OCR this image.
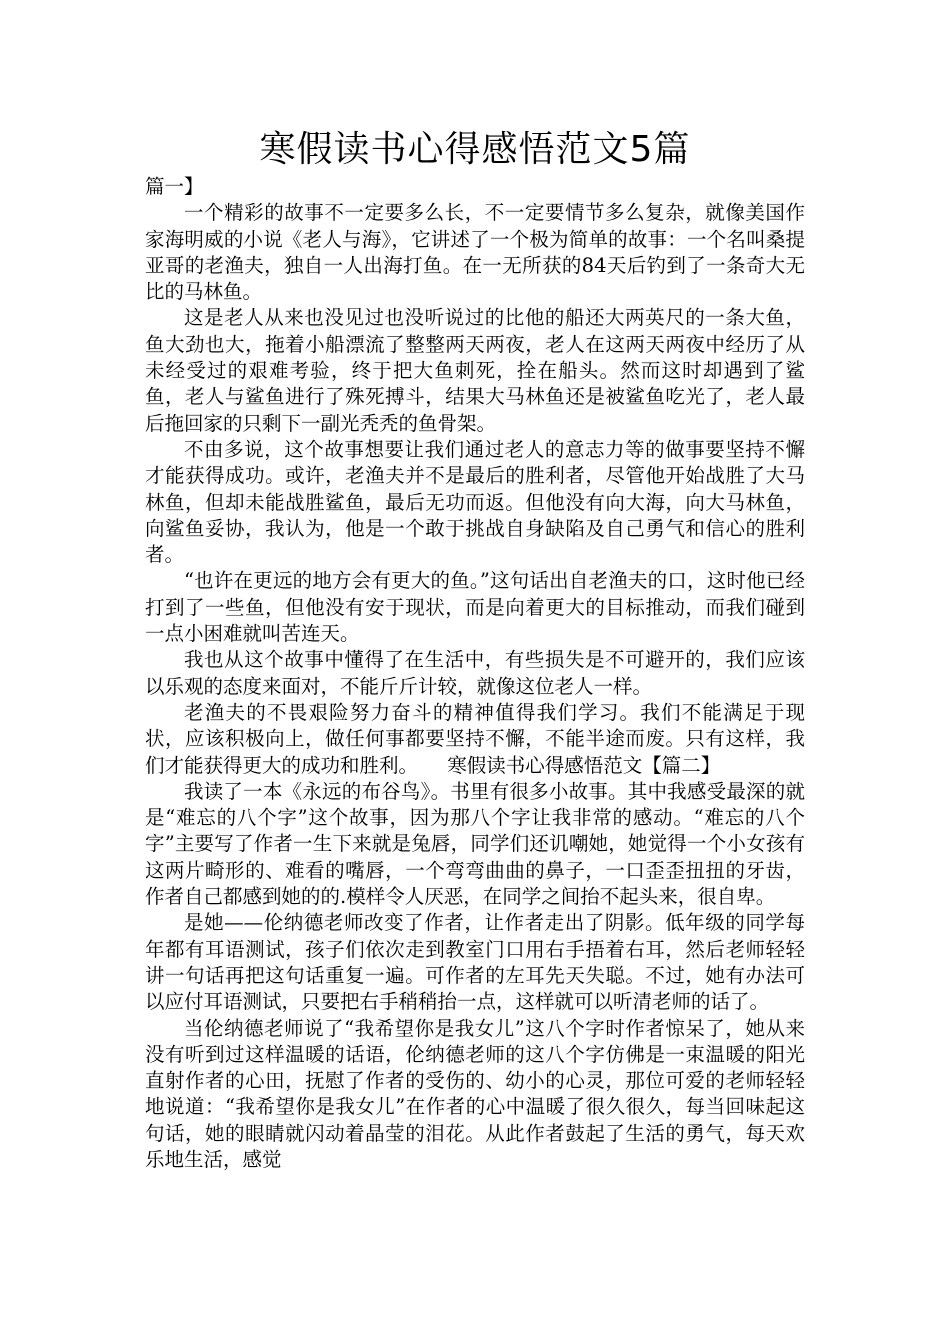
寒假读书心得感悟范文5篇

篇一】

一个精彩的故事不一定要多么长，不一定要情节多么复杂，就像美国作家海明威的小说《老人与海》，它讲述了一个极为简单的故事：一个名叫桑提亚哥的老渔夫，独自一人出海打鱼。在一无所获的84天后钓到了一条奇大无比的马林鱼。

这是老人从来也没见过也没听说过的比他的船还大两英尺的一条大鱼，鱼大劲也大，拖着小船漂流了整整两天两夜，老人在这两天两夜中经历了从未经受过的艰难考验，终于把大鱼刺死，拴在船头。然而这时却遇到了鲨鱼，老人与鲨鱼进行了殊死搏斗，结果大马林鱼还是被鲨鱼吃光了，老人最后拖回家的只剩下一副光秃秃的鱼骨架。

不由多说，这个故事想要让我们通过老人的意志力等的做事要坚持不懈才能获得成功。或许，老渔夫并不是最后的胜利者，尽管他开始战胜了大马林鱼，但却未能战胜鲨鱼，最后无功而返。但他没有向大海，向大马林鱼，向鲨鱼妥协，我认为，他是一个敢于挑战自身缺陷及自己勇气和信心的胜利者。

“也许在更远的地方会有更大的鱼。”这句话出自老渔夫的口，这时他已经打到了一些鱼，但他没有安于现状，而是向着更大的目标推动，而我们碰到一点小困难就叫苦连天。

我也从这个故事中懂得了在生活中，有些损失是不可避开的，我们应该以乐观的态度来面对，不能斤斤计较，就像这位老人一样。

老渔夫的不畏艰险努力奋斗的精神值得我们学习。我们不能满足于现状，应该积极向上，做任何事都要坚持不懈，不能半途而废。只有这样，我们才能获得更大的成功和胜利。　　寒假读书心得感悟范文【篇二】

我读了一本《永远的布谷鸟》。书里有很多小故事。其中我感受最深的就是“难忘的八个字”这个故事，因为那八个字让我非常的感动。“难忘的八个字”主要写了作者一生下来就是兔唇，同学们还讥嘲她，她觉得一个小女孩有这两片畸形的、难看的嘴唇，一个弯弯曲曲的鼻子，一口歪歪扭扭的牙齿，作者自己都感到她的的.模样令人厌恶，在同学之间抬不起头来，很自卑。

是她——伦纳德老师改变了作者，让作者走出了阴影。低年级的同学每年都有耳语测试，孩子们依次走到教室门口用右手捂着右耳，然后老师轻轻讲一句话再把这句话重复一遍。可作者的左耳先天失聪。不过，她有办法可以应付耳语测试，只要把右手稍稍抬一点，这样就可以听清老师的话了。

当伦纳德老师说了“我希望你是我女儿”这八个字时作者惊呆了，她从来没有听到过这样温暖的话语，伦纳德老师的这八个字仿佛是一束温暖的阳光直射作者的心田，抚慰了作者的受伤的、幼小的心灵，那位可爱的老师轻轻地说道：“我希望你是我女儿”在作者的心中温暖了很久很久，每当回味起这句话，她的眼睛就闪动着晶莹的泪花。从此作者鼓起了生活的勇气，每天欢乐地生活，感觉
